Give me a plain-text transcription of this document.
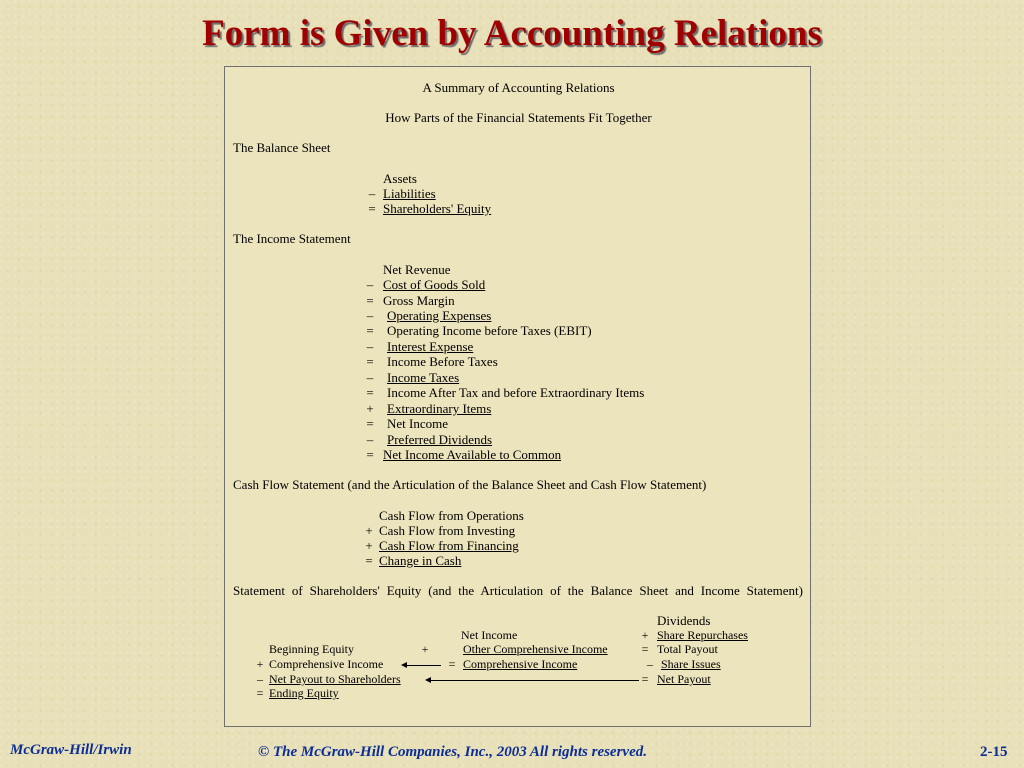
Form is Given by Accounting Relations
A Summary of Accounting Relations
How Parts of the Financial Statements Fit Together
The Balance Sheet
Assets
– Liabilities
= Shareholders' Equity
The Income Statement
Net Revenue
– Cost of Goods Sold
= Gross Margin
– Operating Expenses
= Operating Income before Taxes (EBIT)
– Interest Expense
= Income Before Taxes
– Income Taxes
= Income After Tax and before Extraordinary Items
+ Extraordinary Items
= Net Income
– Preferred Dividends
= Net Income Available to Common
Cash Flow Statement (and the Articulation of the Balance Sheet and Cash Flow Statement)
Cash Flow from Operations
+ Cash Flow from Investing
+ Cash Flow from Financing
= Change in Cash
Statement of Shareholders' Equity (and the Articulation of the Balance Sheet and Income Statement)
Dividends
+ Share Repurchases
= Total Payout
– Share Issues
= Net Payout
Net Income
+	Other Comprehensive Income
= Comprehensive Income
Beginning Equity
+ Comprehensive Income
– Net Payout to Shareholders
= Ending Equity
McGraw-Hill/Irwin	© The McGraw-Hill Companies, Inc., 2003 All rights reserved.	2-15
